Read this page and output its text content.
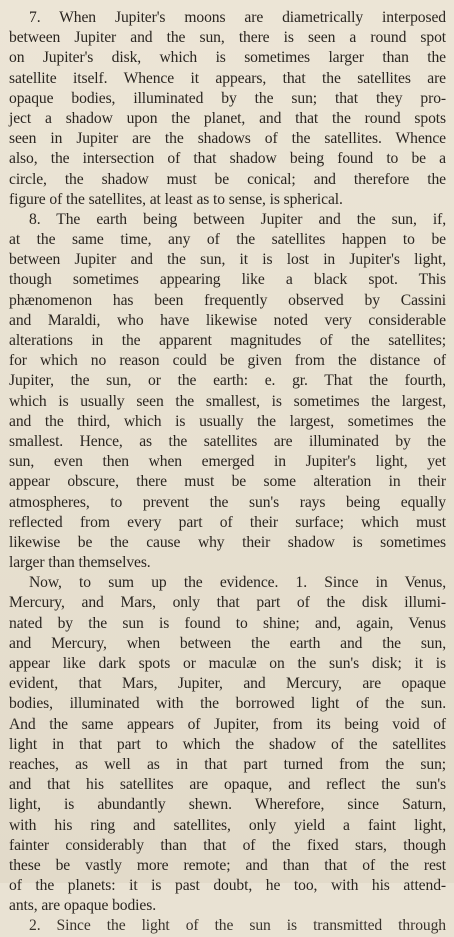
7. When Jupiter's moons are diametrically interposed
between Jupiter and the sun, there is seen a round spot
on Jupiter's disk, which is sometimes larger than the
satellite itself. Whence it appears, that the satellites are
opaque bodies, illuminated by the sun; that they pro-
ject a shadow upon the planet, and that the round spots
seen in Jupiter are the shadows of the satellites. Whence
also, the intersection of that shadow being found to be a
circle, the shadow must be conical; and therefore the
figure of the satellites, at least as to sense, is spherical.
8. The earth being between Jupiter and the sun, if,
at the same time, any of the satellites happen to be
between Jupiter and the sun, it is lost in Jupiter's light,
though sometimes appearing like a black spot. This
phænomenon has been frequently observed by Cassini
and Maraldi, who have likewise noted very considerable
alterations in the apparent magnitudes of the satellites;
for which no reason could be given from the distance of
Jupiter, the sun, or the earth: e. gr. That the fourth,
which is usually seen the smallest, is sometimes the largest,
and the third, which is usually the largest, sometimes the
smallest. Hence, as the satellites are illuminated by the
sun, even then when emerged in Jupiter's light, yet
appear obscure, there must be some alteration in their
atmospheres, to prevent the sun's rays being equally
reflected from every part of their surface; which must
likewise be the cause why their shadow is sometimes
larger than themselves.
Now, to sum up the evidence. 1. Since in Venus,
Mercury, and Mars, only that part of the disk illumi-
nated by the sun is found to shine; and, again, Venus
and Mercury, when between the earth and the sun,
appear like dark spots or maculæ on the sun's disk; it is
evident, that Mars, Jupiter, and Mercury, are opaque
bodies, illuminated with the borrowed light of the sun.
And the same appears of Jupiter, from its being void of
light in that part to which the shadow of the satellites
reaches, as well as in that part turned from the sun;
and that his satellites are opaque, and reflect the sun's
light, is abundantly shewn. Wherefore, since Saturn,
with his ring and satellites, only yield a faint light,
fainter considerably than that of the fixed stars, though
these be vastly more remote; and than that of the rest
of the planets: it is past doubt, he too, with his attend-
ants, are opaque bodies.
2. Since the light of the sun is transmitted through
